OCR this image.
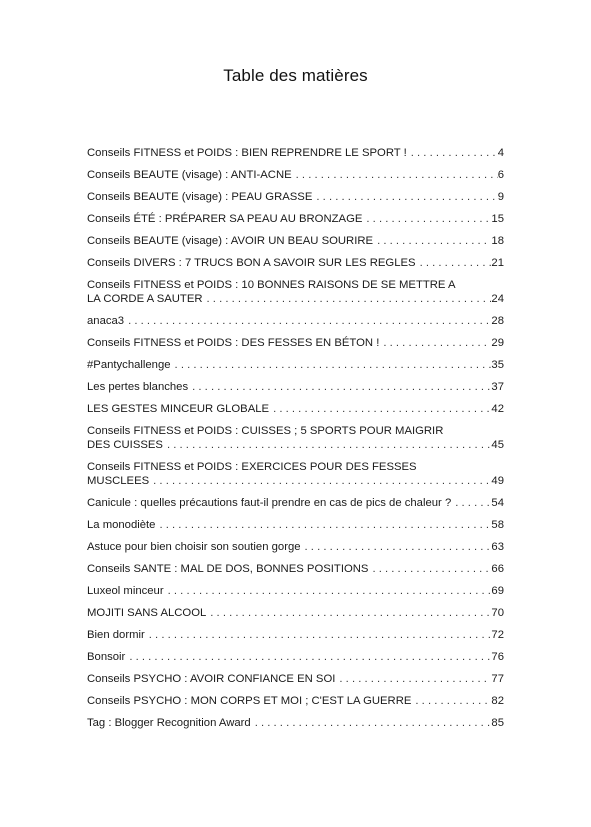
Table des matières
Conseils FITNESS et POIDS : BIEN REPRENDRE LE SPORT ! . . .	4
Conseils BEAUTE (visage) : ANTI-ACNE . . .	6
Conseils BEAUTE (visage) : PEAU GRASSE . . .	9
Conseils ÉTÉ : PRÉPARER SA PEAU AU BRONZAGE . . .	15
Conseils BEAUTE (visage) : AVOIR UN BEAU SOURIRE . . .	18
Conseils DIVERS : 7 TRUCS BON A SAVOIR SUR LES REGLES . . .	21
Conseils FITNESS et POIDS : 10 BONNES RAISONS DE SE METTRE A
LA CORDE A SAUTER . . .	24
anaca3 . . .	28
Conseils FITNESS et POIDS : DES FESSES EN BÉTON ! . . .	29
#Pantychallenge . . .	35
Les pertes blanches . . .	37
LES GESTES MINCEUR GLOBALE . . .	42
Conseils FITNESS et POIDS : CUISSES ; 5 SPORTS POUR MAIGRIR
DES CUISSES . . .	45
Conseils FITNESS et POIDS : EXERCICES POUR DES FESSES
MUSCLEES . . .	49
Canicule : quelles précautions faut-il prendre en cas de pics de chaleur ? . . .	54
La monodiète . . .	58
Astuce pour bien choisir son soutien gorge . . .	63
Conseils SANTE : MAL DE DOS, BONNES POSITIONS . . .	66
Luxeol minceur . . .	69
MOJITI SANS ALCOOL . . .	70
Bien dormir . . .	72
Bonsoir . . .	76
Conseils PSYCHO : AVOIR CONFIANCE EN SOI . . .	77
Conseils PSYCHO : MON CORPS ET MOI ; C'EST LA GUERRE . . .	82
Tag : Blogger Recognition Award . . .	85
